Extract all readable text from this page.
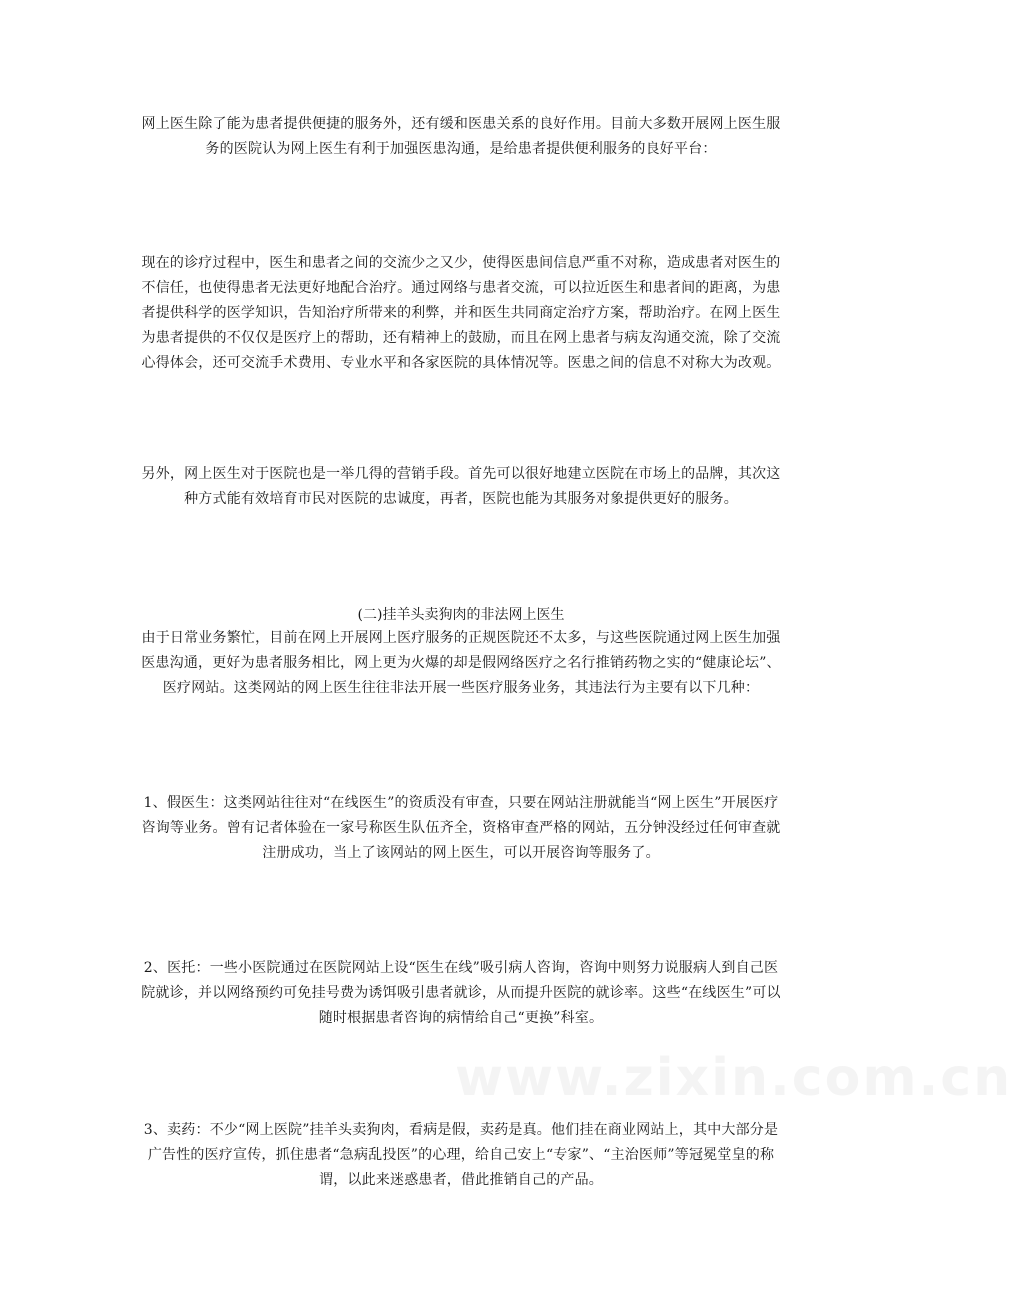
网上医生除了能为患者提供便捷的服务外，还有缓和医患关系的良好作用。目前大多数开展网上医生服务的医院认为网上医生有利于加强医患沟通，是给患者提供便利服务的良好平台：
现在的诊疗过程中，医生和患者之间的交流少之又少，使得医患间信息严重不对称，造成患者对医生的不信任，也使得患者无法更好地配合治疗。通过网络与患者交流，可以拉近医生和患者间的距离，为患者提供科学的医学知识，告知治疗所带来的利弊，并和医生共同商定治疗方案，帮助治疗。在网上医生为患者提供的不仅仅是医疗上的帮助，还有精神上的鼓励，而且在网上患者与病友沟通交流，除了交流心得体会，还可交流手术费用、专业水平和各家医院的具体情况等。医患之间的信息不对称大为改观。
另外，网上医生对于医院也是一举几得的营销手段。首先可以很好地建立医院在市场上的品牌，其次这种方式能有效培育市民对医院的忠诚度，再者，医院也能为其服务对象提供更好的服务。
(二)挂羊头卖狗肉的非法网上医生
由于日常业务繁忙，目前在网上开展网上医疗服务的正规医院还不太多，与这些医院通过网上医生加强医患沟通，更好为患者服务相比，网上更为火爆的却是假网络医疗之名行推销药物之实的“健康论坛”、医疗网站。这类网站的网上医生往往非法开展一些医疗服务业务，其违法行为主要有以下几种：
1、假医生：这类网站往往对“在线医生”的资质没有审查，只要在网站注册就能当“网上医生”开展医疗咨询等业务。曾有记者体验在一家号称医生队伍齐全，资格审查严格的网站，五分钟没经过任何审查就注册成功，当上了该网站的网上医生，可以开展咨询等服务了。
2、医托：一些小医院通过在医院网站上设“医生在线”吸引病人咨询，咨询中则努力说服病人到自己医院就诊，并以网络预约可免挂号费为诱饵吸引患者就诊，从而提升医院的就诊率。这些“在线医生”可以随时根据患者咨询的病情给自己“更换”科室。
3、卖药：不少“网上医院”挂羊头卖狗肉，看病是假，卖药是真。他们挂在商业网站上，其中大部分是广告性的医疗宣传，抓住患者“急病乱投医”的心理，给自己安上“专家”、“主治医师”等冠冕堂皇的称谓，以此来迷惑患者，借此推销自己的产品。
www.zixin.com.cn
